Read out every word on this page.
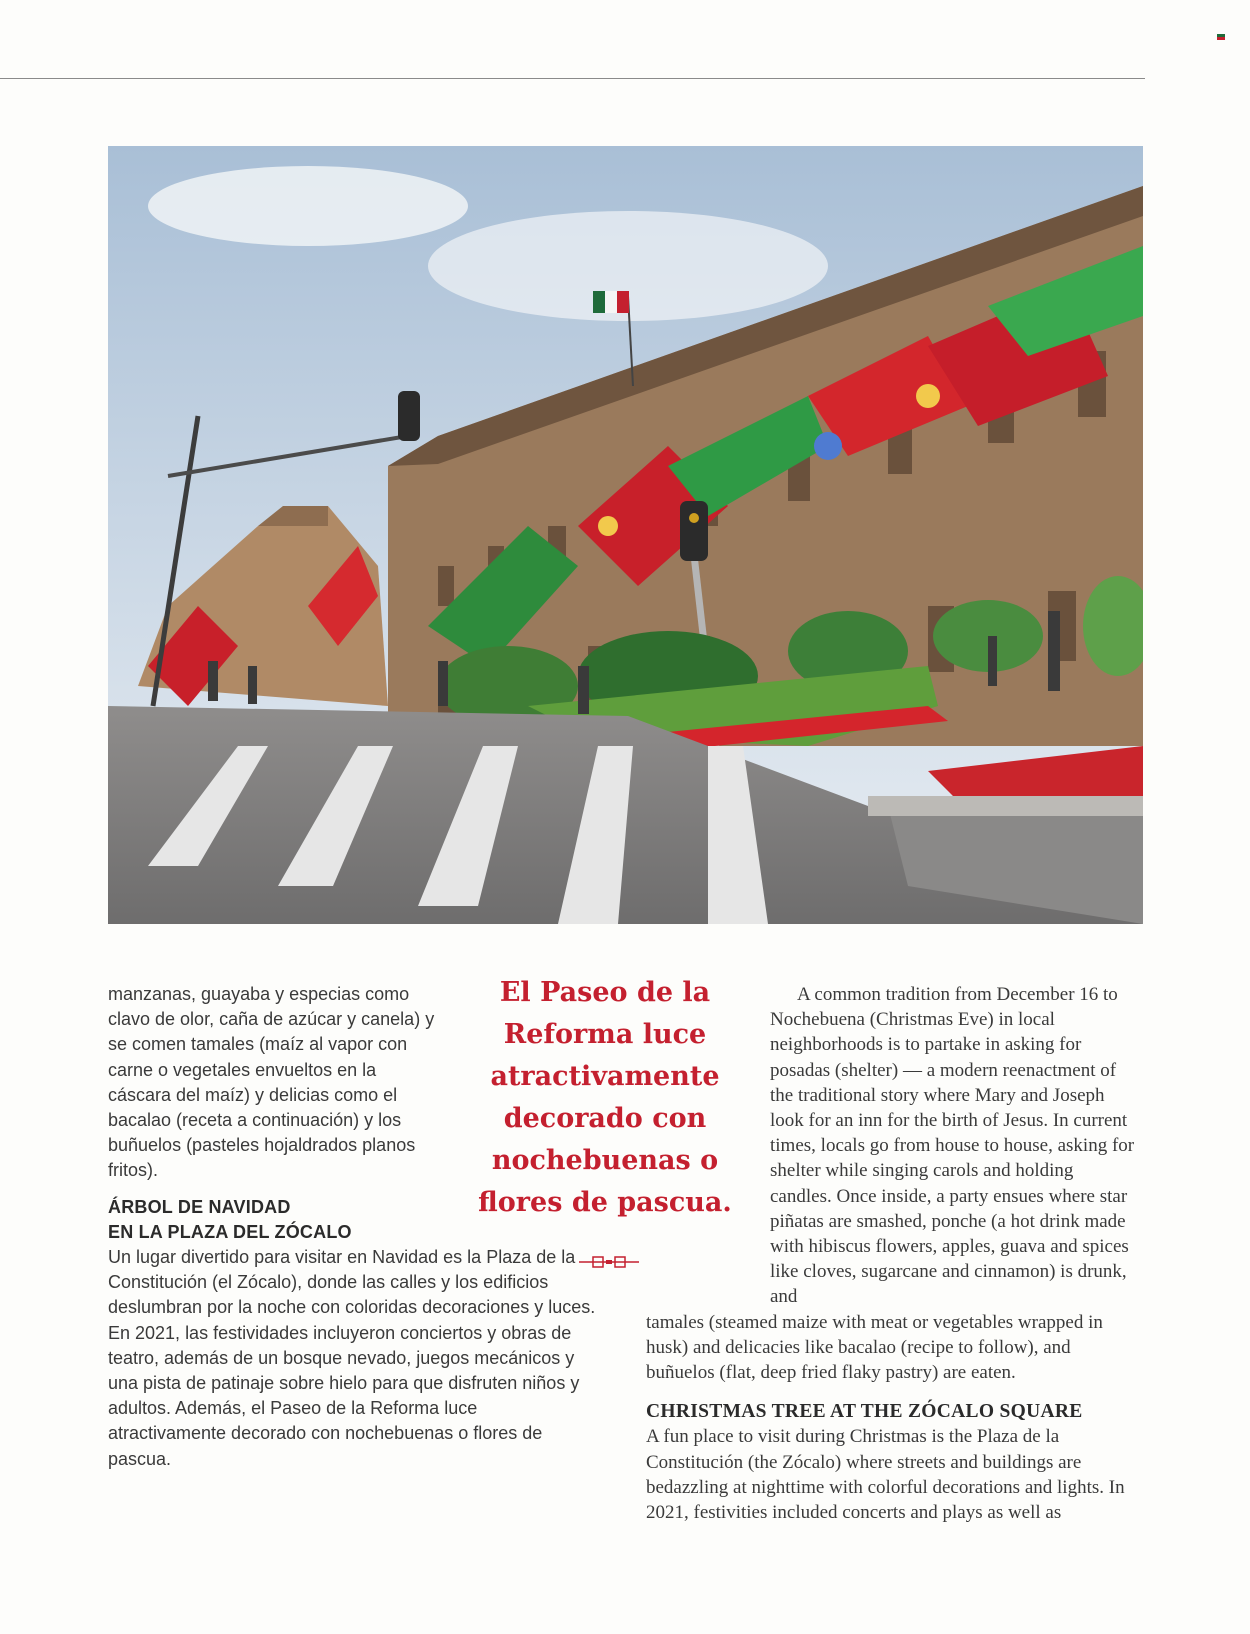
manzanas, guayaba y especias como clavo de olor, caña de azúcar y canela) y se comen tamales (maíz al vapor con carne o vegetales envueltos en la cáscara del maíz) y delicias como el bacalao (receta a continuación) y los buñuelos (pasteles hojaldrados planos fritos).

ÁRBOL DE NAVIDAD
EN LA PLAZA DEL ZÓCALO

Un lugar divertido para visitar en Navidad es la Plaza de la Constitución (el Zócalo), donde las calles y los edificios deslumbran por la noche con coloridas decoraciones y luces. En 2021, las festividades incluyeron conciertos y obras de teatro, además de un bosque nevado, juegos mecánicos y una pista de patinaje sobre hielo para que disfruten niños y adultos. Además, el Paseo de la Reforma luce atractivamente decorado con nochebuenas o flores de pascua.

El Paseo de la Reforma luce atractivamente decorado con nochebuenas o flores de pascua.

A common tradition from December 16 to Nochebuena (Christmas Eve) in local neighborhoods is to partake in asking for posadas (shelter) — a modern reenactment of the traditional story where Mary and Joseph look for an inn for the birth of Jesus. In current times, locals go from house to house, asking for shelter while singing carols and holding candles. Once inside, a party ensues where star piñatas are smashed, ponche (a hot drink made with hibiscus flowers, apples, guava and spices like cloves, sugarcane and cinnamon) is drunk, and

tamales (steamed maize with meat or vegetables wrapped in husk) and delicacies like bacalao (recipe to follow), and buñuelos (flat, deep fried flaky pastry) are eaten.

CHRISTMAS TREE AT THE ZÓCALO SQUARE

A fun place to visit during Christmas is the Plaza de la Constitución (the Zócalo) where streets and buildings are bedazzling at nighttime with colorful decorations and lights. In 2021, festivities included concerts and plays as well as
